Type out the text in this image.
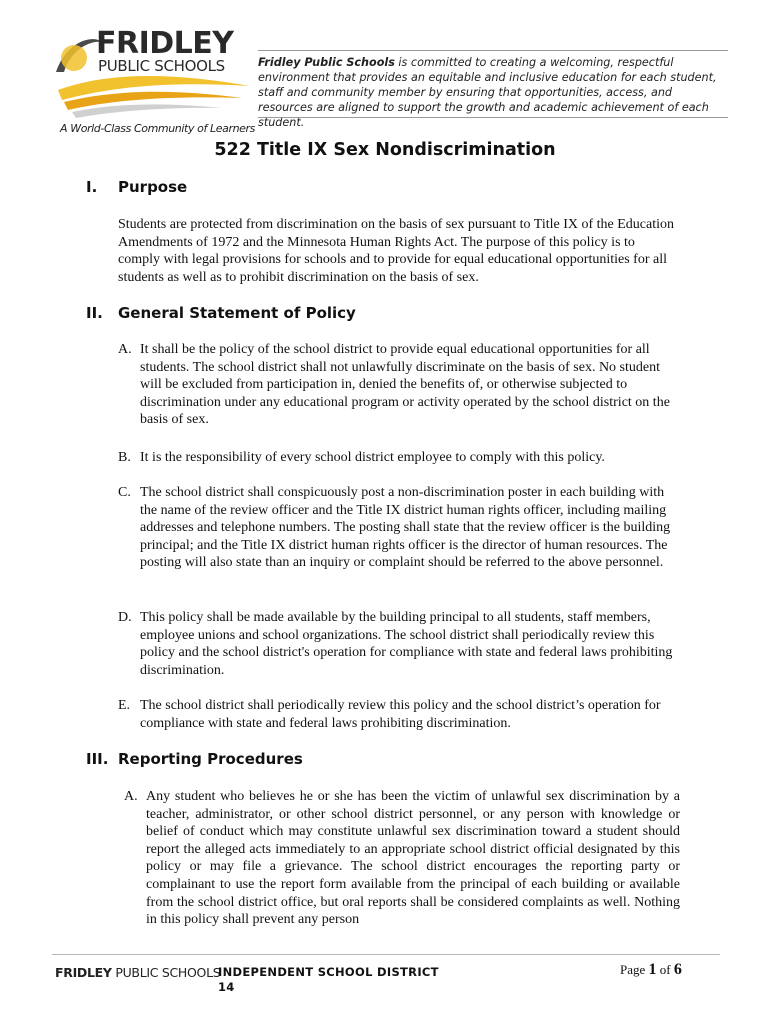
FRIDLEY
PUBLIC SCHOOLS
A World-Class Community of Learners
Fridley Public Schools is committed to creating a welcoming, respectful environment that provides an equitable and inclusive education for each student, staff and community member by ensuring that opportunities, access, and resources are aligned to support the growth and academic achievement of each student.
522 Title IX Sex Nondiscrimination
I. Purpose
Students are protected from discrimination on the basis of sex pursuant to Title IX of the Education Amendments of 1972 and the Minnesota Human Rights Act. The purpose of this policy is to comply with legal provisions for schools and to provide for equal educational opportunities for all students as well as to prohibit discrimination on the basis of sex.
II. General Statement of Policy
A. It shall be the policy of the school district to provide equal educational opportunities for all students. The school district shall not unlawfully discriminate on the basis of sex. No student will be excluded from participation in, denied the benefits of, or otherwise subjected to discrimination under any educational program or activity operated by the school district on the basis of sex.
B. It is the responsibility of every school district employee to comply with this policy.
C. The school district shall conspicuously post a non-discrimination poster in each building with the name of the review officer and the Title IX district human rights officer, including mailing addresses and telephone numbers. The posting shall state that the review officer is the building principal; and the Title IX district human rights officer is the director of human resources. The posting will also state than an inquiry or complaint should be referred to the above personnel.
D. This policy shall be made available by the building principal to all students, staff members, employee unions and school organizations. The school district shall periodically review this policy and the school district's operation for compliance with state and federal laws prohibiting discrimination.
E. The school district shall periodically review this policy and the school district’s operation for compliance with state and federal laws prohibiting discrimination.
III. Reporting Procedures
A. Any student who believes he or she has been the victim of unlawful sex discrimination by a teacher, administrator, or other school district personnel, or any person with knowledge or belief of conduct which may constitute unlawful sex discrimination toward a student should report the alleged acts immediately to an appropriate school district official designated by this policy or may file a grievance. The school district encourages the reporting party or complainant to use the report form available from the principal of each building or available from the school district office, but oral reports shall be considered complaints as well. Nothing in this policy shall prevent any person
FRIDLEY PUBLIC SCHOOLS
INDEPENDENT SCHOOL DISTRICT
14
Page 1 of 6
